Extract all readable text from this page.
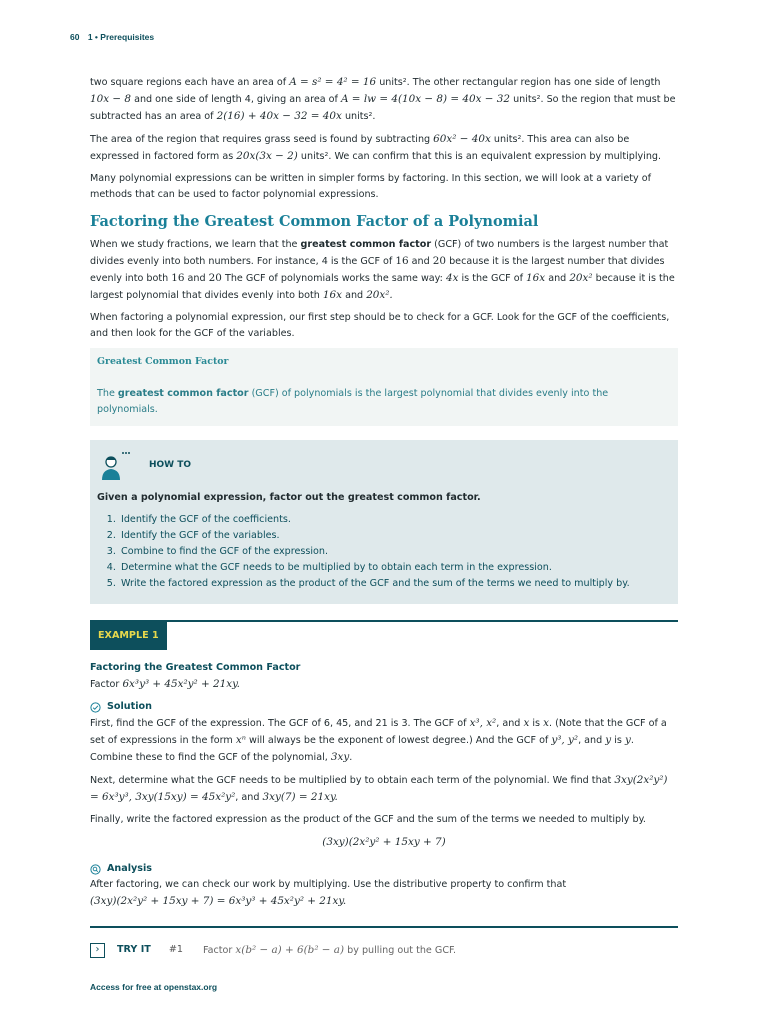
60 1 • Prerequisites

two square regions each have an area of A = s² = 4² = 16 units². The other rectangular region has one side of length 10x − 8 and one side of length 4, giving an area of A = lw = 4(10x − 8) = 40x − 32 units². So the region that must be subtracted has an area of 2(16) + 40x − 32 = 40x units².

The area of the region that requires grass seed is found by subtracting 60x² − 40x units². This area can also be expressed in factored form as 20x(3x − 2) units². We can confirm that this is an equivalent expression by multiplying.

Many polynomial expressions can be written in simpler forms by factoring. In this section, we will look at a variety of methods that can be used to factor polynomial expressions.

Factoring the Greatest Common Factor of a Polynomial

When we study fractions, we learn that the greatest common factor (GCF) of two numbers is the largest number that divides evenly into both numbers. For instance, 4 is the GCF of 16 and 20 because it is the largest number that divides evenly into both 16 and 20 The GCF of polynomials works the same way: 4x is the GCF of 16x and 20x² because it is the largest polynomial that divides evenly into both 16x and 20x².

When factoring a polynomial expression, our first step should be to check for a GCF. Look for the GCF of the coefficients, and then look for the GCF of the variables.

Greatest Common Factor
The greatest common factor (GCF) of polynomials is the largest polynomial that divides evenly into the polynomials.
HOW TO
Given a polynomial expression, factor out the greatest common factor.
1. Identify the GCF of the coefficients.
2. Identify the GCF of the variables.
3. Combine to find the GCF of the expression.
4. Determine what the GCF needs to be multiplied by to obtain each term in the expression.
5. Write the factored expression as the product of the GCF and the sum of the terms we need to multiply by.
EXAMPLE 1
Factoring the Greatest Common Factor

Factor 6x³y³ + 45x²y² + 21xy.

Solution

First, find the GCF of the expression. The GCF of 6, 45, and 21 is 3. The GCF of x³, x², and x is x. (Note that the GCF of a set of expressions in the form xⁿ will always be the exponent of lowest degree.) And the GCF of y³, y², and y is y. Combine these to find the GCF of the polynomial, 3xy.

Next, determine what the GCF needs to be multiplied by to obtain each term of the polynomial. We find that 3xy(2x²y²) = 6x³y³, 3xy(15xy) = 45x²y², and 3xy(7) = 21xy.

Finally, write the factored expression as the product of the GCF and the sum of the terms we needed to multiply by.

(3xy)(2x²y² + 15xy + 7)
Analysis

After factoring, we can check our work by multiplying. Use the distributive property to confirm that
(3xy)(2x²y² + 15xy + 7) = 6x³y³ + 45x²y² + 21xy.

›	TRY IT #1 Factor x(b² − a) + 6(b² − a) by pulling out the GCF.
Access for free at openstax.org
